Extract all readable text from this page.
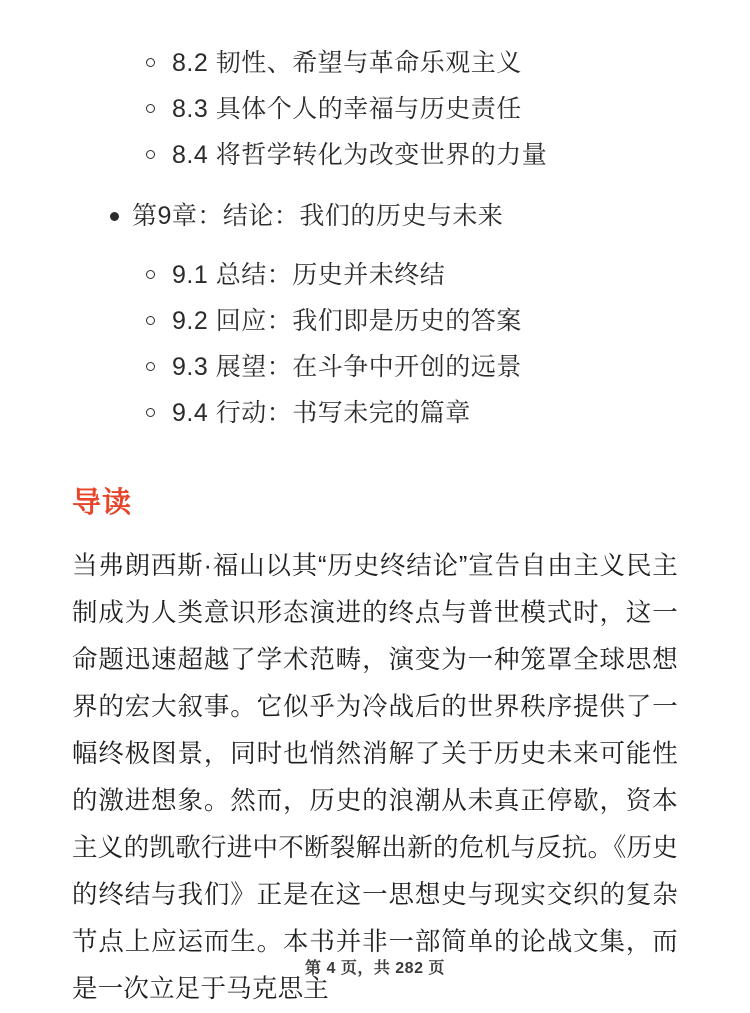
8.2 韧性、希望与革命乐观主义
8.3 具体个人的幸福与历史责任
8.4 将哲学转化为改变世界的力量
第9章：结论：我们的历史与未来
9.1 总结：历史并未终结
9.2 回应：我们即是历史的答案
9.3 展望：在斗争中开创的远景
9.4 行动：书写未完的篇章
导读

当弗朗西斯·福山以其“历史终结论”宣告自由主义民主制成为人类意识形态演进的终点与普世模式时，这一命题迅速超越了学术范畴，演变为一种笼罩全球思想界的宏大叙事。它似乎为冷战后的世界秩序提供了一幅终极图景，同时也悄然消解了关于历史未来可能性的激进想象。然而，历史的浪潮从未真正停歇，资本主义的凯歌行进中不断裂解出新的危机与反抗。《历史的终结与我们》正是在这一思想史与现实交织的复杂节点上应运而生。本书并非一部简单的论战文集，而是一次立足于马克思主

第 4 页，共 282 页
